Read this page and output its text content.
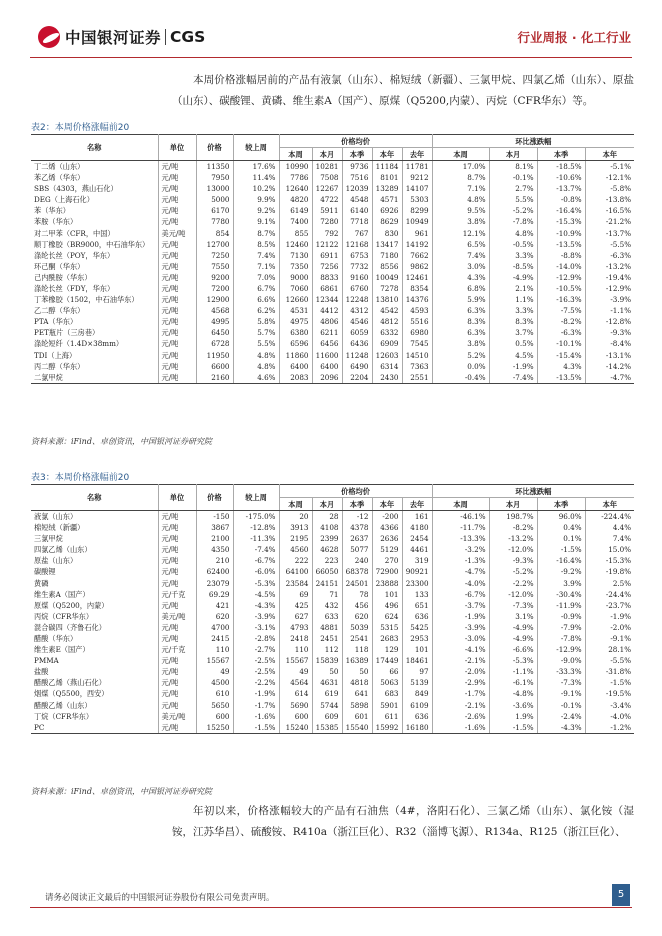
中国银河证券 CGS	行业周报 · 化工行业

本周价格涨幅居前的产品有液氯（山东）、棉短绒（新疆）、三氯甲烷、四氯乙烯（山东）、原盐（山东）、碳酸锂、黄磷、维生素A（国产）、原煤（Q5200,内蒙）、丙烷（CFR华东）等。

表2：本周价格涨幅前20
名称	单位	价格	较上周	价格均价					环比涨跌幅			
				本周	本月	本季	本年	去年	本周	本月	本季	本年
丁二烯（山东）	元/吨	11350	17.6%	10990	10281	9736	11184	11781	17.0%	8.1%	-18.5%	-5.1%
苯乙烯（华东）	元/吨	7950	11.4%	7786	7508	7516	8101	9212	8.7%	-0.1%	-10.6%	-12.1%
SBS（4303，燕山石化）	元/吨	13000	10.2%	12640	12267	12039	13289	14107	7.1%	2.7%	-13.7%	-5.8%
DEG（上海石化）	元/吨	5000	9.9%	4820	4722	4548	4571	5303	4.8%	5.5%	-0.8%	-13.8%
苯（华东）	元/吨	6170	9.2%	6149	5911	6140	6926	8299	9.5%	-5.2%	-16.4%	-16.5%
苯胺（华东）	元/吨	7780	9.1%	7400	7280	7718	8629	10949	3.8%	-7.8%	-15.3%	-21.2%
对二甲苯（CFR，中国）	美元/吨	854	8.7%	855	792	767	830	961	12.1%	4.8%	-10.9%	-13.7%
顺丁橡胶（BR9000，中石油华东）	元/吨	12700	8.5%	12460	12122	12168	13417	14192	6.5%	-0.5%	-13.5%	-5.5%
涤纶长丝（POY，华东）	元/吨	7250	7.4%	7130	6911	6753	7180	7662	7.4%	3.3%	-8.8%	-6.3%
环己酮（华东）	元/吨	7550	7.1%	7350	7256	7732	8556	9862	3.0%	-8.5%	-14.0%	-13.2%
己内酰胺（华东）	元/吨	9200	7.0%	9000	8833	9160	10049	12461	4.3%	-4.9%	-12.9%	-19.4%
涤纶长丝（FDY，华东）	元/吨	7200	6.7%	7060	6861	6760	7278	8354	6.8%	2.1%	-10.5%	-12.9%
丁苯橡胶（1502，中石油华东）	元/吨	12900	6.6%	12660	12344	12248	13810	14376	5.9%	1.1%	-16.3%	-3.9%
乙二醇（华东）	元/吨	4568	6.2%	4531	4412	4312	4542	4593	6.3%	3.3%	-7.5%	-1.1%
PTA（华东）	元/吨	4995	5.8%	4975	4806	4546	4812	5516	8.3%	8.3%	-8.2%	-12.8%
PET瓶片（三房巷）	元/吨	6450	5.7%	6380	6211	6059	6332	6980	6.3%	3.7%	-6.3%	-9.3%
涤纶短纤（1.4D×38mm）	元/吨	6728	5.5%	6596	6456	6436	6909	7545	3.8%	0.5%	-10.1%	-8.4%
TDI（上海）	元/吨	11950	4.8%	11860	11600	11248	12603	14510	5.2%	4.5%	-15.4%	-13.1%
丙二醇（华东）	元/吨	6600	4.8%	6400	6400	6490	6314	7363	0.0%	-1.9%	4.3%	-14.2%
二氯甲烷	元/吨	2160	4.6%	2083	2096	2204	2430	2551	-0.4%	-7.4%	-13.5%	-4.7%
资料来源：iFind、卓创资讯，中国银河证券研究院
表3：本周价格涨幅前20
名称	单位	价格	较上周	价格均价					环比涨跌幅			
				本周	本月	本季	本年	去年	本周	本月	本季	本年
液氯（山东）	元/吨	-150	-175.0%	20	28	-12	-200	161	-46.1%	198.7%	96.0%	-224.4%
棉短绒（新疆）	元/吨	3867	-12.8%	3913	4108	4378	4366	4180	-11.7%	-8.2%	0.4%	4.4%
三氯甲烷	元/吨	2100	-11.3%	2195	2399	2637	2636	2454	-13.3%	-13.2%	0.1%	7.4%
四氯乙烯（山东）	元/吨	4350	-7.4%	4560	4628	5077	5129	4461	-3.2%	-12.0%	-1.5%	15.0%
原盐（山东）	元/吨	210	-6.7%	222	223	240	270	319	-1.3%	-9.3%	-16.4%	-15.3%
碳酸锂	元/吨	62400	-6.0%	64100	66050	68378	72900	90921	-4.7%	-5.2%	-9.2%	-19.8%
黄磷	元/吨	23079	-5.3%	23584	24151	24501	23888	23300	-4.0%	-2.2%	3.9%	2.5%
维生素A（国产）	元/千克	69.29	-4.5%	69	71	78	101	133	-6.7%	-12.0%	-30.4%	-24.4%
原煤（Q5200，内蒙）	元/吨	421	-4.3%	425	432	456	496	651	-3.7%	-7.3%	-11.9%	-23.7%
丙烷（CFR华东）	美元/吨	620	-3.9%	627	633	620	624	636	-1.9%	3.1%	-0.9%	-1.9%
混合碳四（齐鲁石化）	元/吨	4700	-3.1%	4793	4881	5039	5315	5425	-3.9%	-4.9%	-7.9%	-2.0%
醋酸（华东）	元/吨	2415	-2.8%	2418	2451	2541	2683	2953	-3.0%	-4.9%	-7.8%	-9.1%
维生素E（国产）	元/千克	110	-2.7%	110	112	118	129	101	-4.1%	-6.6%	-12.9%	28.1%
PMMA	元/吨	15567	-2.5%	15567	15839	16389	17449	18461	-2.1%	-5.3%	-9.0%	-5.5%
盐酸	元/吨	49	-2.5%	49	50	50	66	97	-2.0%	-1.1%	-33.3%	-31.8%
醋酸乙烯（燕山石化）	元/吨	4500	-2.2%	4564	4631	4818	5063	5139	-2.9%	-6.1%	-7.3%	-1.5%
烟煤（Q5500，西安）	元/吨	610	-1.9%	614	619	641	683	849	-1.7%	-4.8%	-9.1%	-19.5%
醋酸乙烯（山东）	元/吨	5650	-1.7%	5690	5744	5898	5901	6109	-2.1%	-3.6%	-0.1%	-3.4%
丁烷（CFR华东）	美元/吨	600	-1.6%	600	609	601	611	636	-2.6%	1.9%	-2.4%	-4.0%
PC	元/吨	15250	-1.5%	15240	15385	15540	15992	16180	-1.6%	-1.5%	-4.3%	-1.2%
资料来源：iFind、卓创资讯，中国银河证券研究院

年初以来，价格涨幅较大的产品有石油焦（4#，洛阳石化）、三氯乙烯（山东）、氯化铵（湿铵，江苏华昌）、硫酸铵、R410a（浙江巨化）、R32（淄博飞源）、R134a、R125（浙江巨化）、

请务必阅读正文最后的中国银河证券股份有限公司免责声明。	5
